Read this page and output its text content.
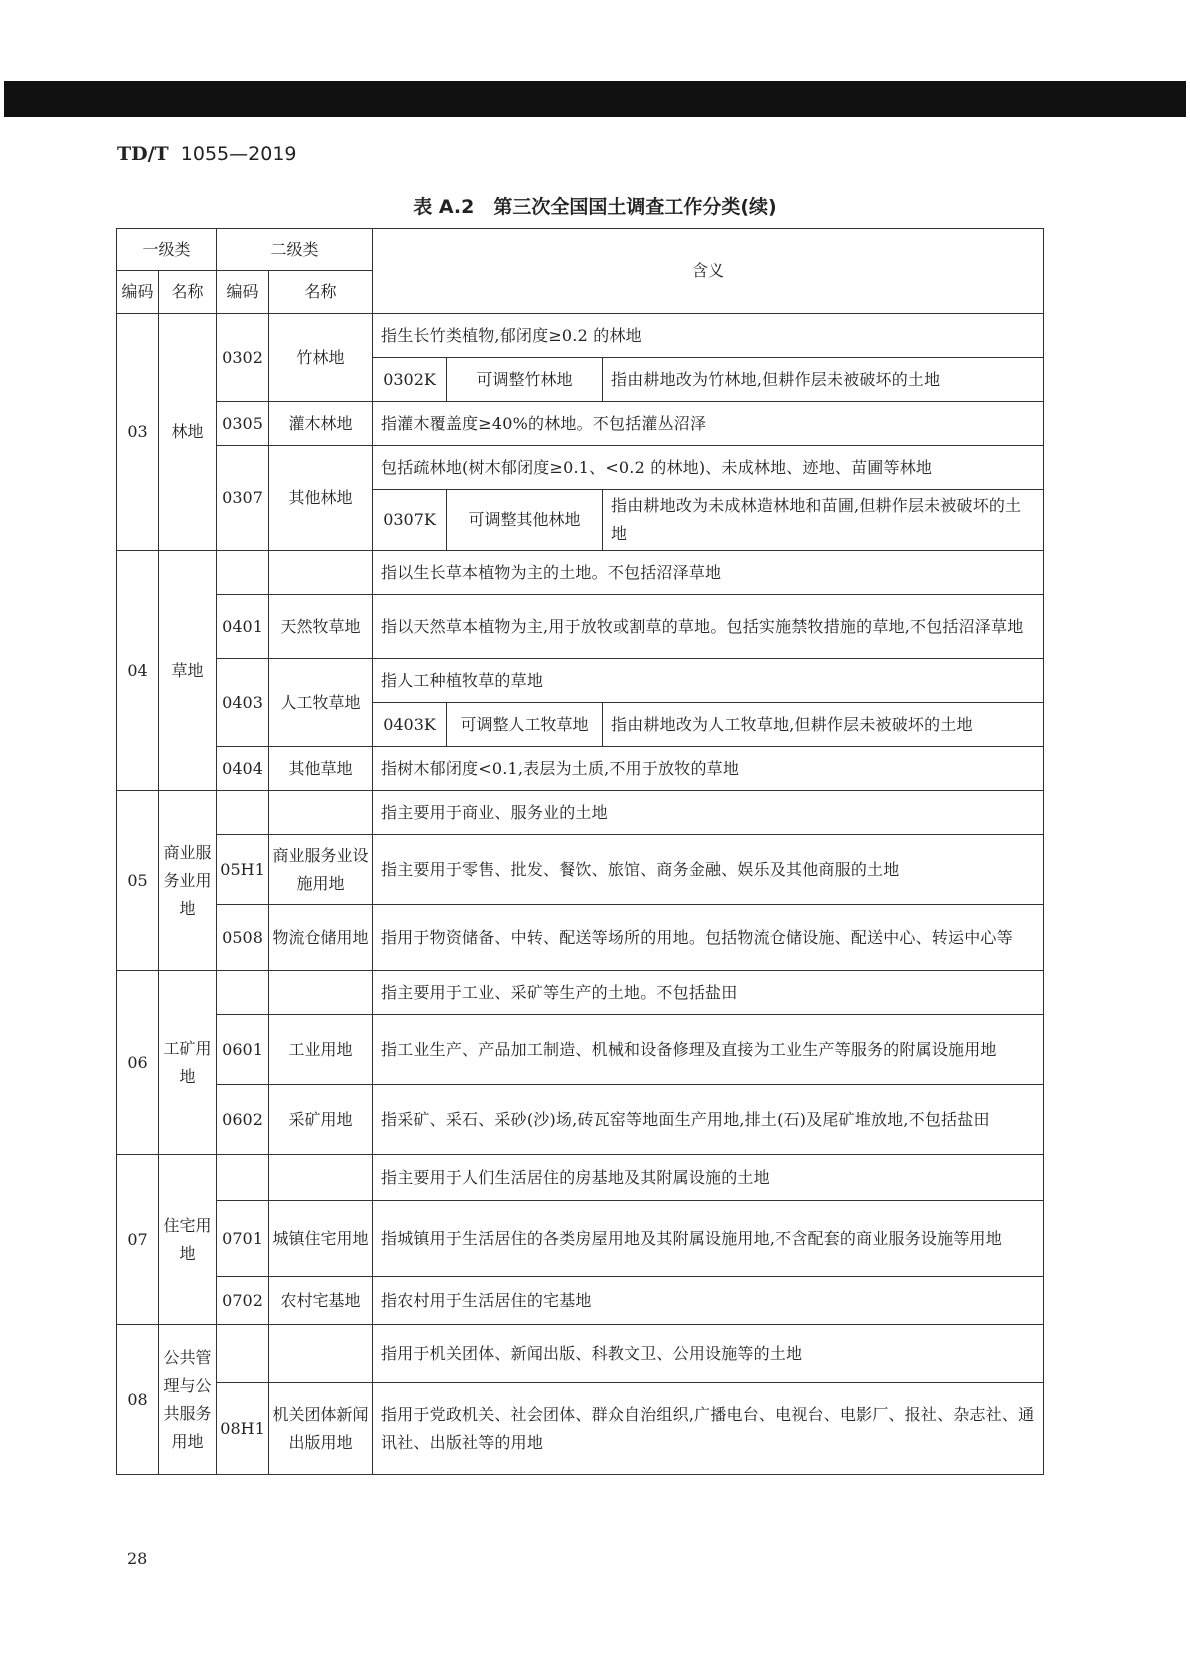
TD/T 1055—2019
表 A.2　第三次全国国土调查工作分类(续)
一级类		二级类		含义		
编码	名称	编码	名称			
03	林地	0302	竹林地	指生长竹类植物,郁闭度≥0.2 的林地		
				0302K	可调整竹林地	指由耕地改为竹林地,但耕作层未被破坏的土地
		0305	灌木林地	指灌木覆盖度≥40%的林地。不包括灌丛沼泽		
		0307	其他林地	包括疏林地(树木郁闭度≥0.1、<0.2 的林地)、未成林地、迹地、苗圃等林地		
				0307K	可调整其他林地	指由耕地改为未成林造林地和苗圃,但耕作层未被破坏的土地

04	草地			指以生长草本植物为主的土地。不包括沼泽草地		
		0401	天然牧草地	指以天然草本植物为主,用于放牧或割草的草地。包括实施禁牧措施的草地,不包括沼泽草地		
		0403	人工牧草地	指人工种植牧草的草地		
				0403K	可调整人工牧草地	指由耕地改为人工牧草地,但耕作层未被破坏的土地
		0404	其他草地	指树木郁闭度<0.1,表层为土质,不用于放牧的草地		
05	商业服务业用地			指主要用于商业、服务业的土地		
		05H1	商业服务业设施用地	指主要用于零售、批发、餐饮、旅馆、商务金融、娱乐及其他商服的土地		
		0508	物流仓储用地	指用于物资储备、中转、配送等场所的用地。包括物流仓储设施、配送中心、转运中心等		
06	工矿用地			指主要用于工业、采矿等生产的土地。不包括盐田		
		0601	工业用地	指工业生产、产品加工制造、机械和设备修理及直接为工业生产等服务的附属设施用地		
		0602	采矿用地	指采矿、采石、采砂(沙)场,砖瓦窑等地面生产用地,排土(石)及尾矿堆放地,不包括盐田		
07	住宅用地			指主要用于人们生活居住的房基地及其附属设施的土地		
		0701	城镇住宅用地	指城镇用于生活居住的各类房屋用地及其附属设施用地,不含配套的商业服务设施等用地		
		0702	农村宅基地	指农村用于生活居住的宅基地		
08	公共管理与公共服务用地			指用于机关团体、新闻出版、科教文卫、公用设施等的土地		
		08H1	机关团体新闻出版用地	指用于党政机关、社会团体、群众自治组织,广播电台、电视台、电影厂、报社、杂志社、通讯社、出版社等的用地		
28
